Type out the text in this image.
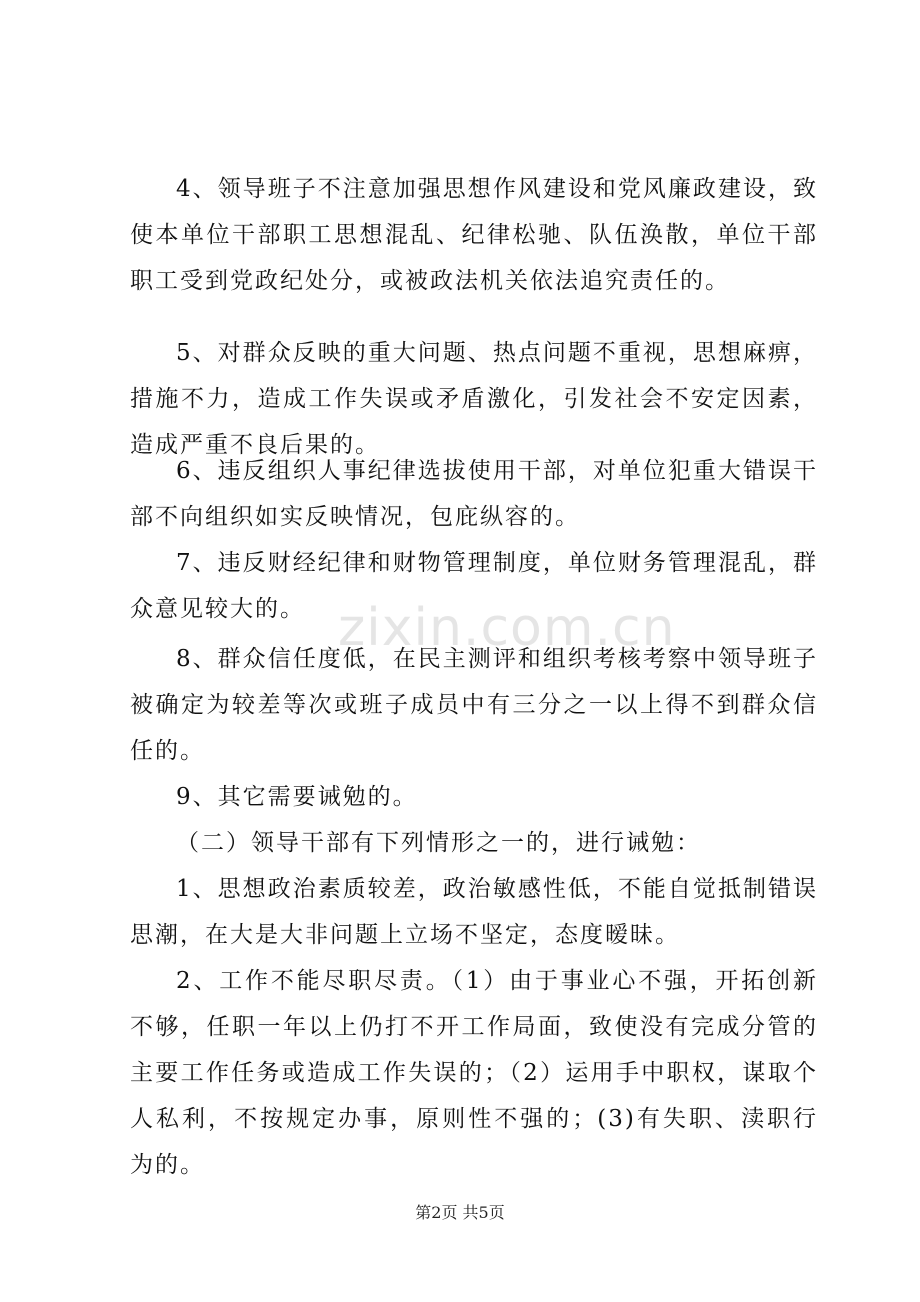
zixin.com.cn

4、领导班子不注意加强思想作风建设和党风廉政建设，致使本单位干部职工思想混乱、纪律松驰、队伍涣散，单位干部职工受到党政纪处分，或被政法机关依法追究责任的。

5、对群众反映的重大问题、热点问题不重视，思想麻痹，措施不力，造成工作失误或矛盾激化，引发社会不安定因素，造成严重不良后果的。

6、违反组织人事纪律选拔使用干部，对单位犯重大错误干部不向组织如实反映情况，包庇纵容的。

7、违反财经纪律和财物管理制度，单位财务管理混乱，群众意见较大的。

8、群众信任度低，在民主测评和组织考核考察中领导班子被确定为较差等次或班子成员中有三分之一以上得不到群众信任的。

9、其它需要诫勉的。

（二）领导干部有下列情形之一的，进行诫勉：

1、思想政治素质较差，政治敏感性低，不能自觉抵制错误思潮，在大是大非问题上立场不坚定，态度暧昧。

2、工作不能尽职尽责。（1）由于事业心不强，开拓创新不够，任职一年以上仍打不开工作局面，致使没有完成分管的主要工作任务或造成工作失误的；（2）运用手中职权，谋取个人私利，不按规定办事，原则性不强的；(3)有失职、渎职行为的。

第2页 共5页
